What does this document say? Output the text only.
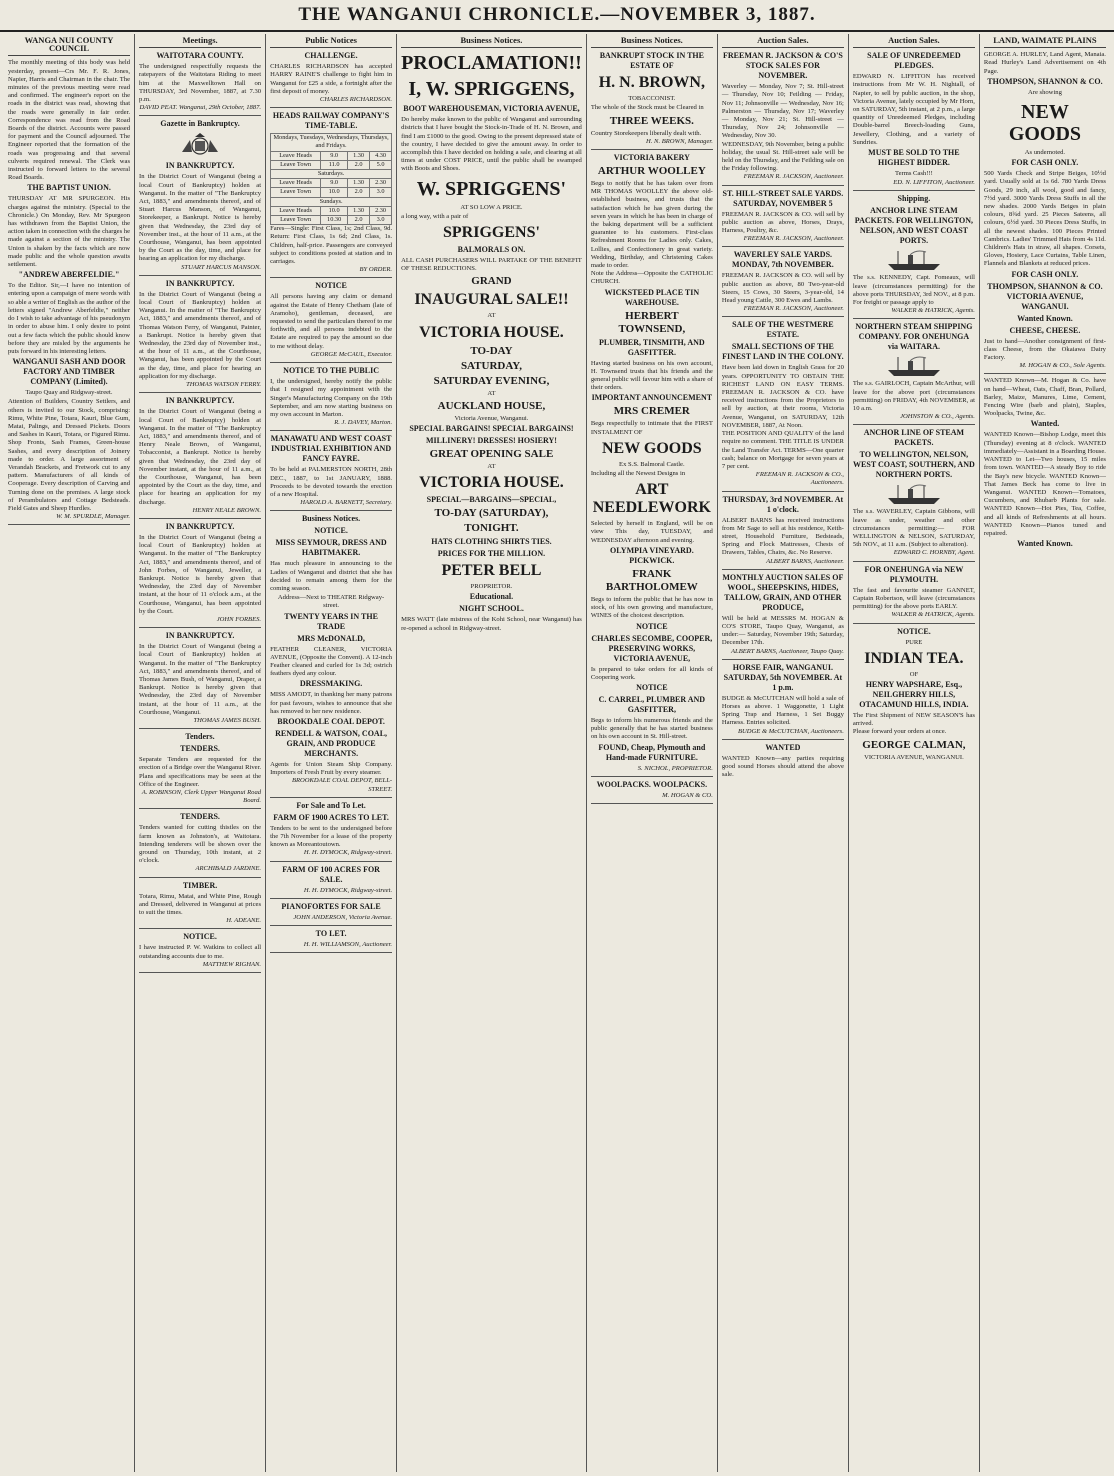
THE WANGANUI CHRONICLE.—NOVEMBER 3, 1887.
WANGA NUI COUNTY COUNCIL
The monthly meeting of this body was held yesterday, present—Crs Mr. F. R. Jones, Napier, Harris and Chairman in the chair. The minutes of the previous meeting were read and confirmed. The engineer's report on the roads in the district was read, showing that the roads were generally in fair order. Correspondence was read from the Road Boards of the district. Accounts were passed for payment and the Council adjourned. The Engineer reported that the formation of the roads was progressing and that several culverts required renewal. The Clerk was instructed to forward letters to the several Road Boards.
THE BAPTIST UNION.
THURSDAY AT MR SPURGEON. His charges against the ministry. (Special to the Chronicle.) On Monday, Rev. Mr Spurgeon has withdrawn from the Baptist Union, the action taken in connection with the charges he made against a section of the ministry. The Union is shaken by the facts which are now made public and the whole question awaits settlement.
"ANDREW ABERFELDIE."
To the Editor. Sir,—I have no intention of entering upon a campaign of mere words with so able a writer of English as the author of the letters signed "Andrew Aberfeldie," neither do I wish to take advantage of his pseudonym in order to abuse him. I only desire to point out a few facts which the public should know before they are misled by the arguments he puts forward in his interesting letters.
WANGANUI SASH AND DOOR FACTORY AND TIMBER COMPANY (Limited).
Taupo Quay and Ridgway-street.
Attention of Builders, Country Settlers, and others is invited to our Stock, comprising: Rimu, White Pine, Totara, Kauri, Blue Gum, Matai, Palings, and Dressed Pickets. Doors and Sashes in Kauri, Totara, or Figured Rimu. Shop Fronts, Sash Frames, Green-house Sashes, and every description of Joinery made to order. A large assortment of Verandah Brackets, and Fretwork cut to any pattern. Manufacturers of all kinds of Cooperage. Every description of Carving and Turning done on the premises. A large stock of Perambulators and Cottage Bedsteads. Field Gates and Sheep Hurdles.
W. M. SPURDLE, Manager.
Meetings.
WAITOTARA COUNTY.
The undersigned respectfully requests the ratepayers of the Waitotara Riding to meet him at the Maxwelltown Hall on THURSDAY, 3rd November, 1887, at 7.30 p.m.
DAVID PEAT. Wanganui, 29th October, 1887.
Gazette in Bankruptcy.
IN BANKRUPTCY.
In the District Court of Wanganui (being a local Court of Bankruptcy) holden at Wanganui. In the matter of "The Bankruptcy Act, 1883," and amendments thereof, and of Stuart Harcus Manson, of Wanganui, Storekeeper, a Bankrupt. Notice is hereby given that Wednesday, the 23rd day of November inst., at the hour of 11 a.m., at the Courthouse, Wanganui, has been appointed by the Court as the day, time, and place for hearing an application for my discharge.
STUART HARCUS MANSON.
IN BANKRUPTCY.
In the District Court of Wanganui (being a local Court of Bankruptcy) holden at Wanganui. In the matter of "The Bankruptcy Act, 1883," and amendments thereof, and of Thomas Watson Ferry, of Wanganui, Painter, a Bankrupt. Notice is hereby given that Wednesday, the 23rd day of November inst., at the hour of 11 a.m., at the Courthouse, Wanganui, has been appointed by the Court as the day, time, and place for hearing an application for my discharge.
THOMAS WATSON FERRY.
IN BANKRUPTCY.
In the District Court of Wanganui (being a local Court of Bankruptcy) holden at Wanganui. In the matter of "The Bankruptcy Act, 1883," and amendments thereof, and of Henry Neale Brown, of Wanganui, Tobacconist, a Bankrupt. Notice is hereby given that Wednesday, the 23rd day of November instant, at the hour of 11 a.m., at the Courthouse, Wanganui, has been appointed by the Court as the day, time, and place for hearing an application for my discharge.
HENRY NEALE BROWN.
IN BANKRUPTCY.
In the District Court of Wanganui (being a local Court of Bankruptcy) holden at Wanganui. In the matter of "The Bankruptcy Act, 1883," and amendments thereof, and of John Forbes, of Wanganui, Jeweller, a Bankrupt. Notice is hereby given that Wednesday, the 23rd day of November instant, at the hour of 11 o'clock a.m., at the Courthouse, Wanganui, has been appointed by the Court.
JOHN FORBES.
IN BANKRUPTCY.
In the District Court of Wanganui (being a local Court of Bankruptcy) holden at Wanganui. In the matter of "The Bankruptcy Act, 1883," and amendments thereof, and of Thomas James Bush, of Wanganui, Draper, a Bankrupt. Notice is hereby given that Wednesday, the 23rd day of November instant, at the hour of 11 a.m., at the Courthouse, Wanganui.
THOMAS JAMES BUSH.
Tenders.
TENDERS.
Separate Tenders are requested for the erection of a Bridge over the Wanganui River. Plans and specifications may be seen at the Office of the Engineer.
A. ROBINSON, Clerk Upper Wanganui Road Board.
TENDERS.
Tenders wanted for cutting thistles on the farm known as Johnston's, at Waitotara. Intending tenderers will be shown over the ground on Thursday, 10th instant, at 2 o'clock.
ARCHIBALD JARDINE.
TIMBER.
Totara, Rimu, Matai, and White Pine, Rough and Dressed, delivered in Wanganui at prices to suit the times.
H. ADEANE.
NOTICE.
I have instructed P. W. Watkins to collect all outstanding accounts due to me.
MATTHEW RIGHAN.
Public Notices
CHALLENGE.
CHARLES RICHARDSON has accepted HARRY RAINE'S challenge to fight him in Wanganui for £25 a side, a fortnight after the first deposit of money.
CHARLES RICHARDSON.
HEADS RAILWAY COMPANY'S TIME-TABLE.
Mondays, Tuesdays, Wednesdays, Thursdays, and Fridays.			
Leave Heads	9.0	1.30	4.30
Leave Town	11.0	2.0	5.0
Saturdays.			
Leave Heads	9.0	1.30	2.30
Leave Town	10.0	2.0	3.0
Sundays.			
Leave Heads	10.0	1.30	2.30
Leave Town	10.30	2.0	3.0
Fares—Single: First Class, 1s; 2nd Class, 9d. Return: First Class, 1s 6d; 2nd Class, 1s. Children, half-price. Passengers are conveyed subject to conditions posted at station and in carriages.
BY ORDER.
NOTICE
All persons having any claim or demand against the Estate of Henry Chetham (late of Aramoho), gentleman, deceased, are requested to send the particulars thereof to me forthwith, and all persons indebted to the Estate are required to pay the amount so due to me without delay.
GEORGE McCAUL, Executor.
NOTICE TO THE PUBLIC
I, the undersigned, hereby notify the public that I resigned my appointment with the Singer's Manufacturing Company on the 19th September, and am now starting business on my own account in Marton.
R. J. DAVEY, Marton.
MANAWATU AND WEST COAST INDUSTRIAL EXHIBITION AND FANCY FAYRE.
To be held at PALMERSTON NORTH, 28th DEC., 1887, to 1st JANUARY, 1888. Proceeds to be devoted towards the erection of a new Hospital.
HAROLD A. BARNETT, Secretary.
Business Notices.
NOTICE.
MISS SEYMOUR, DRESS AND HABITMAKER.
Has much pleasure in announcing to the Ladies of Wanganui and district that she has decided to remain among them for the coming season.
Address—Next to THEATRE Ridgway-street.
TWENTY YEARS IN THE TRADE
MRS McDONALD,
FEATHER CLEANER, VICTORIA AVENUE, (Opposite the Convent). A 12-inch Feather cleaned and curled for 1s 3d; ostrich feathers dyed any colour.
DRESSMAKING.
MISS AMODT, in thanking her many patrons for past favours, wishes to announce that she has removed to her new residence.
BROOKDALE COAL DEPOT.
RENDELL & WATSON, COAL, GRAIN, AND PRODUCE MERCHANTS.
Agents for Union Steam Ship Company. Importers of Fresh Fruit by every steamer.
BROOKDALE COAL DEPOT, BELL-STREET.
For Sale and To Let.
FARM OF 1900 ACRES TO LET.
Tenders to be sent to the undersigned before the 7th November for a lease of the property known as Moreantoutown.
H. H. DYMOCK, Ridgway-street.
FARM OF 100 ACRES FOR SALE.
H. H. DYMOCK, Ridgway-street.
PIANOFORTES FOR SALE
JOHN ANDERSON, Victoria Avenue.
TO LET.
H. H. WILLIAMSON, Auctioneer.
Business Notices.
PROCLAMATION!!
I, W. SPRIGGENS,
BOOT WAREHOUSEMAN, VICTORIA AVENUE,
Do hereby make known to the public of Wanganui and surrounding districts that I have bought the Stock-in-Trade of H. N. Brown, and find I am £1000 to the good. Owing to the present depressed state of the country, I have decided to give the amount away. In order to accomplish this I have decided on holding a sale, and clearing at all times at under COST PRICE, until the public shall be swamped with Boots and Shoes.
W. SPRIGGENS'
AT SO LOW A PRICE.
a long way, with a pair of
SPRIGGENS'
BALMORALS ON.
ALL CASH PURCHASERS WILL PARTAKE OF THE BENEFIT OF THESE REDUCTIONS.
GRAND
INAUGURAL SALE!!
AT
VICTORIA HOUSE.
TO-DAY
SATURDAY,
SATURDAY EVENING,
AT
AUCKLAND HOUSE,
Victoria Avenue, Wanganui.
SPECIAL BARGAINS! SPECIAL BARGAINS!
MILLINERY! DRESSES! HOSIERY!
GREAT OPENING SALE
AT
VICTORIA HOUSE.
SPECIAL—BARGAINS—SPECIAL,
TO-DAY (SATURDAY),
TONIGHT.
HATS CLOTHING SHIRTS TIES.
PRICES FOR THE MILLION.
PETER BELL
PROPRIETOR.
Educational.
NIGHT SCHOOL.
MRS WATT (late mistress of the Kohi School, near Wanganui) has re-opened a school in Ridgway-street.
Business Notices.
BANKRUPT STOCK IN THE ESTATE OF
H. N. BROWN,
TOBACCONIST.
The whole of the Stock must be Cleared in
THREE WEEKS.
Country Storekeepers liberally dealt with.
H. N. BROWN, Manager.
VICTORIA BAKERY
ARTHUR WOOLLEY
Begs to notify that he has taken over from MR THOMAS WOOLLEY the above old-established business, and trusts that the satisfaction which he has given during the seven years in which he has been in charge of the baking department will be a sufficient guarantee to his customers. First-class Refreshment Rooms for Ladies only. Cakes, Lollies, and Confectionery in great variety. Wedding, Birthday, and Christening Cakes made to order.
Note the Address—Opposite the CATHOLIC CHURCH.
WICKSTEED PLACE TIN WAREHOUSE.
HERBERT TOWNSEND,
PLUMBER, TINSMITH, AND GASFITTER.
Having started business on his own account, H. Townsend trusts that his friends and the general public will favour him with a share of their orders.
IMPORTANT ANNOUNCEMENT
MRS CREMER
Begs respectfully to intimate that the FIRST INSTALMENT OF
NEW GOODS
Ex S.S. Balmoral Castle.
Including all the Newest Designs in
ART NEEDLEWORK
Selected by herself in England, will be on view This day, TUESDAY, and WEDNESDAY afternoon and evening.
OLYMPIA VINEYARD. PICKWICK.
FRANK BARTHOLOMEW
Begs to inform the public that he has now in stock, of his own growing and manufacture, WINES of the choicest description.
NOTICE
CHARLES SECOMBE, COOPER, PRESERVING WORKS, VICTORIA AVENUE,
Is prepared to take orders for all kinds of Coopering work.
NOTICE
C. CARREL, PLUMBER AND GASFITTER,
Begs to inform his numerous friends and the public generally that he has started business on his own account in St. Hill-street.
FOUND, Cheap, Plymouth and Hand-made FURNITURE.
S. NICHOL, PROPRIETOR.
WOOLPACKS. WOOLPACKS.
M. HOGAN & CO.
Auction Sales.
FREEMAN R. JACKSON & CO'S STOCK SALES FOR NOVEMBER.
Waverley — Monday, Nov 7; St. Hill-street — Thursday, Nov 10; Feilding — Friday, Nov 11; Johnsonville — Wednesday, Nov 16; Palmerston — Thursday, Nov 17; Waverley — Monday, Nov 21; St. Hill-street — Thursday, Nov 24; Johnsonville — Wednesday, Nov 30.
WEDNESDAY, 9th November, being a public holiday, the usual St. Hill-street sale will be held on the Thursday, and the Feilding sale on the Friday following.
FREEMAN R. JACKSON, Auctioneer.
ST. HILL-STREET SALE YARDS. SATURDAY, NOVEMBER 5
FREEMAN R. JACKSON & CO. will sell by public auction as above, Horses, Drays, Harness, Poultry, &c.
FREEMAN R. JACKSON, Auctioneer.
WAVERLEY SALE YARDS. MONDAY, 7th NOVEMBER.
FREEMAN R. JACKSON & CO. will sell by public auction as above, 80 Two-year-old Steers, 15 Cows, 30 Steers, 3-year-old, 14 Head young Cattle, 300 Ewes and Lambs.
FREEMAN R. JACKSON, Auctioneer.
SALE OF THE WESTMERE ESTATE.
SMALL SECTIONS OF THE FINEST LAND IN THE COLONY.
Have been laid down in English Grass for 20 years. OPPORTUNITY TO OBTAIN THE RICHEST LAND ON EASY TERMS. FREEMAN R. JACKSON & CO. have received instructions from the Proprietors to sell by auction, at their rooms, Victoria Avenue, Wanganui, on SATURDAY, 12th NOVEMBER, 1887, At Noon.
THE POSITION AND QUALITY of the land require no comment. THE TITLE IS UNDER the Land Transfer Act. TERMS—One quarter cash; balance on Mortgage for seven years at 7 per cent.
FREEMAN R. JACKSON & CO., Auctioneers.
THURSDAY, 3rd NOVEMBER. At 1 o'clock.
ALBERT BARNS has received instructions from Mr Sage to sell at his residence, Keith-street, Household Furniture, Bedsteads, Spring and Flock Mattresses, Chests of Drawers, Tables, Chairs, &c. No Reserve.
ALBERT BARNS, Auctioneer.
MONTHLY AUCTION SALES OF WOOL, SHEEPSKINS, HIDES, TALLOW, GRAIN, AND OTHER PRODUCE,
Will be held at MESSRS M. HOGAN & CO'S STORE, Taupo Quay, Wanganui, as under:— Saturday, November 19th; Saturday, December 17th.
ALBERT BARNS, Auctioneer, Taupo Quay.
HORSE FAIR, WANGANUI. SATURDAY, 5th NOVEMBER. At 1 p.m.
BUDGE & McCUTCHAN will hold a sale of Horses as above. 1 Waggonette, 1 Light Spring Trap and Harness, 1 Set Buggy Harness. Entries solicited.
BUDGE & McCUTCHAN, Auctioneers.
WANTED
WANTED Known—any parties requiring good sound Horses should attend the above sale.
Auction Sales.
SALE OF UNREDEEMED PLEDGES.
EDWARD N. LIFFITON has received instructions from Mr W. H. Nightall, of Napier, to sell by public auction, in the shop, Victoria Avenue, lately occupied by Mr Horn, on SATURDAY, 5th instant, at 2 p.m., a large quantity of Unredeemed Pledges, including Double-barrel Breech-loading Guns, Jewellery, Clothing, and a variety of Sundries.
MUST BE SOLD TO THE HIGHEST BIDDER.
Terms Cash!!!
ED. N. LIFFITON, Auctioneer.
Shipping.
ANCHOR LINE STEAM PACKETS. FOR WELLINGTON, NELSON, AND WEST COAST PORTS.
The s.s. KENNEDY, Capt. Fomeaux, will leave (circumstances permitting) for the above ports THURSDAY, 3rd NOV., at 8 p.m. For freight or passage apply to
WALKER & HATRICK, Agents.
NORTHERN STEAM SHIPPING COMPANY. FOR ONEHUNGA via WAITARA.
The s.s. GAIRLOCH, Captain McArthur, will leave for the above port (circumstances permitting) on FRIDAY, 4th NOVEMBER, at 10 a.m.
JOHNSTON & CO., Agents.
ANCHOR LINE OF STEAM PACKETS.
TO WELLINGTON, NELSON, WEST COAST, SOUTHERN, AND NORTHERN PORTS.
The s.s. WAVERLEY, Captain Gibbons, will leave as under, weather and other circumstances permitting:— FOR WELLINGTON & NELSON, SATURDAY, 5th NOV., at 11 a.m. (Subject to alteration).
EDWARD C. HORNBY, Agent.
FOR ONEHUNGA via NEW PLYMOUTH.
The fast and favourite steamer GANNET, Captain Robertson, will leave (circumstances permitting) for the above ports EARLY.
WALKER & HATRICK, Agents.
NOTICE.
PURE
INDIAN TEA.
OF
HENRY WAPSHARE, Esq., NEILGHERRY HILLS, OTACAMUND HILLS, INDIA.
The First Shipment of NEW SEASON'S has arrived.
Please forward your orders at once.
GEORGE CALMAN,
VICTORIA AVENUE, WANGANUI.
LAND, WAIMATE PLAINS
GEORGE A. HURLEY, Land Agent, Manaia. Read Hurley's Land Advertisement on 4th Page.
THOMPSON, SHANNON & CO.
Are showing
NEW GOODS
As undernoted.
FOR CASH ONLY.
500 Yards Check and Stripe Beiges, 10½d yard. Usually sold at 1s 6d. 780 Yards Dress Goods, 29 inch, all wool, good and fancy, 7½d yard. 3000 Yards Dress Stuffs in all the new shades. 2000 Yards Beiges in plain colours, 8¾d yard. 25 Pieces Sateens, all colours, 6½d yard. 30 Pieces Dress Stuffs, in all the newest shades. 100 Pieces Printed Cambrics. Ladies' Trimmed Hats from 4s 11d. Children's Hats in straw, all shapes. Corsets, Gloves, Hosiery, Lace Curtains, Table Linen, Flannels and Blankets at reduced prices.
FOR CASH ONLY.
THOMPSON, SHANNON & CO. VICTORIA AVENUE, WANGANUI.
Wanted Known.
CHEESE, CHEESE.
Just to hand—Another consignment of first-class Cheese, from the Okaiawa Dairy Factory.
M. HOGAN & CO., Sole Agents.
WANTED Known—M. Hogan & Co. have on hand—Wheat, Oats, Chaff, Bran, Pollard, Barley, Maize, Manures, Lime, Cement, Fencing Wire (barb and plain), Staples, Woolpacks, Twine, &c.
Wanted.
WANTED Known—Bishop Lodge, meet this (Thursday) evening at 8 o'clock. WANTED immediately—Assistant in a Boarding House. WANTED to Let—Two houses, 15 miles from town. WANTED—A steady Boy to ride the Bay's new bicycle. WANTED Known—That James Beck has come to live in Wanganui. WANTED Known—Tomatoes, Cucumbers, and Rhubarb Plants for sale. WANTED Known—Hot Pies, Tea, Coffee, and all kinds of Refreshments at all hours. WANTED Known—Pianos tuned and repaired.
Wanted Known.
